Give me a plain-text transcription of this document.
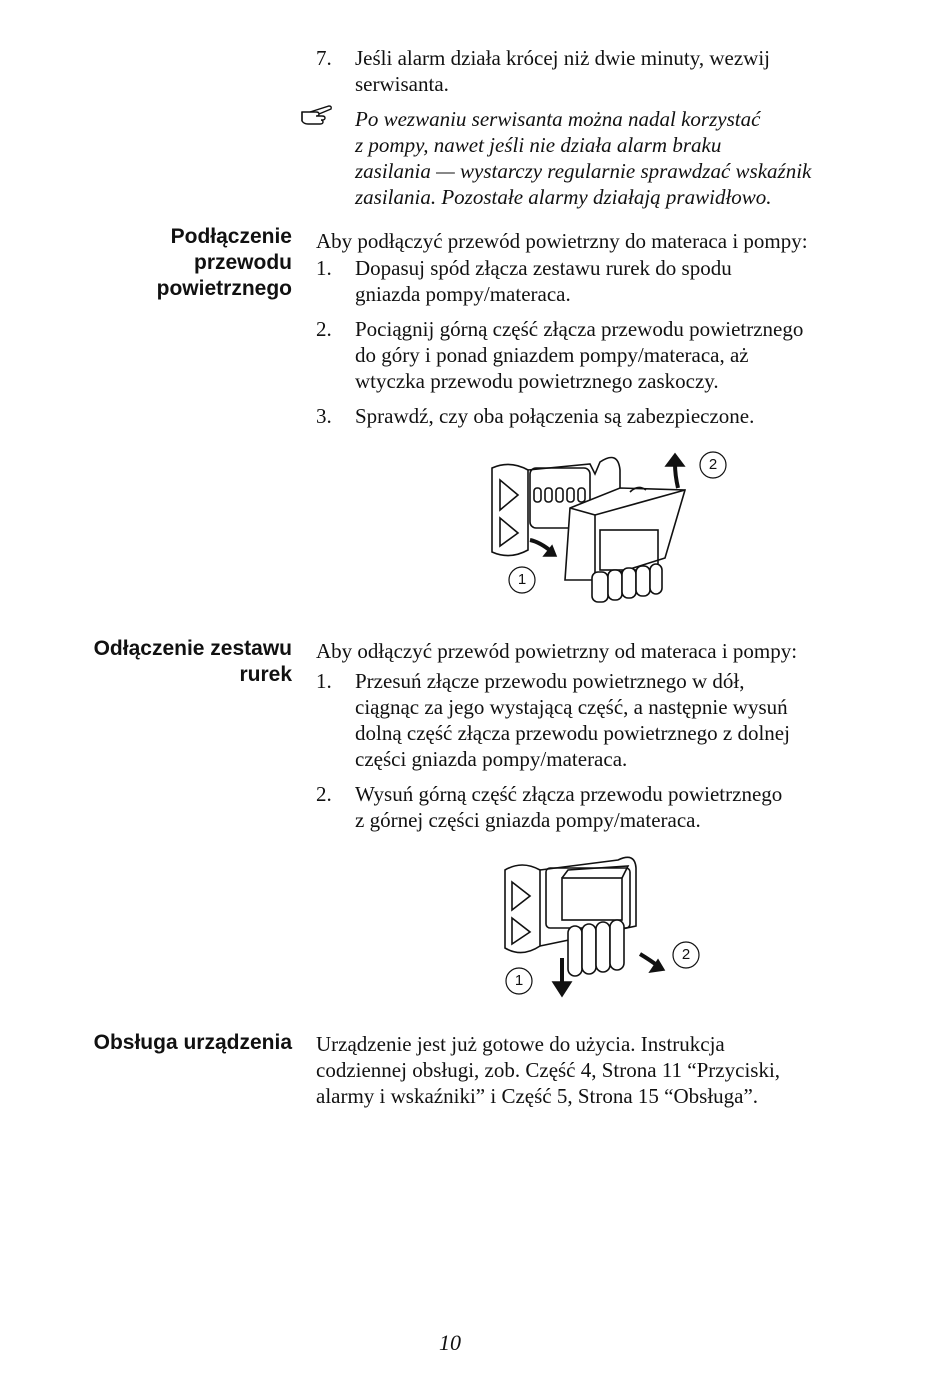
7.	Jeśli alarm działa krócej niż dwie minuty, wezwij
serwisanta.
Po wezwaniu serwisanta można nadal korzystać
z pompy, nawet jeśli nie działa alarm braku
zasilania — wystarczy regularnie sprawdzać wskaźnik
zasilania. Pozostałe alarmy działają prawidłowo.
Podłączenie
przewodu
powietrznego
Aby podłączyć przewód powietrzny do materaca i pompy:
1.	Dopasuj spód złącza zestawu rurek do spodu
gniazda pompy/materaca.
2.	Pociągnij górną część złącza przewodu powietrznego
do góry i ponad gniazdem pompy/materaca, aż
wtyczka przewodu powietrznego zaskoczy.
3.	Sprawdź, czy oba połączenia są zabezpieczone.
1
2
Odłączenie zestawu
rurek
Aby odłączyć przewód powietrzny od materaca i pompy:
1.	Przesuń złącze przewodu powietrznego w dół,
ciągnąc za jego wystającą część, a następnie wysuń
dolną część złącza przewodu powietrznego z dolnej
części gniazda pompy/materaca.
2.	Wysuń górną część złącza przewodu powietrznego
z górnej części gniazda pompy/materaca.
1
2
Obsługa urządzenia Urządzenie jest już gotowe do użycia. Instrukcja
codziennej obsługi, zob. Część 4, Strona 11 “Przyciski,
alarmy i wskaźniki” i Część 5, Strona 15 “Obsługa”.
10
